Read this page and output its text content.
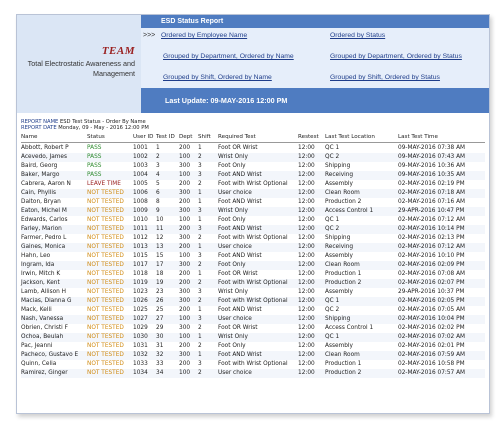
TEAM
Total Electrostatic Awareness and Management
ESD Status Report
>>> Ordered by Employee Name	Ordered by Status
Grouped by Department, Ordered by Name	Grouped by Department, Ordered by Status
Grouped by Shift, Ordered by Name	Grouped by Shift, Ordered by Status
Last Update: 09-MAY-2016 12:00 PM
REPORT NAME ESD Test Status - Order By Name
REPORT DATE Monday, 09 - May - 2016 12:00 PM
Name	Status	User ID Test ID Dept Shift Required Test	Restest Last Test Location	Last Test Time
Abbott, Robert P	PASS	1001 1	200 1	Foot OR Wrist	12:00 QC 1	09-MAY-2016 07:38 AM
Acevedo, James	PASS	1002 2	100 2	Wrist Only	12:00 QC 2	09-MAY-2016 07:43 AM
Baird, Georg	PASS	1003 3	300 3	Foot Only	12:00 Shipping	09-MAY-2016 10:36 AM
Baker, Margo	PASS	1004 4	100 3	Foot AND Wrist	12:00 Receiving	09-MAY-2016 10:35 AM
Cabrera, Aaron N	LEAVE TIME 1005 5	200 2	Foot with Wrist Optional 12:00 Assembly	02-MAY-2016 02:19 PM
Cain, Phyllis	NOT TESTED 1006 6	300 1	User choice	12:00 Clean Room	02-MAY-2016 07:18 AM
Dalton, Bryan	NOT TESTED 1008 8	200 1	Foot AND Wrist	12:00 Production 2	02-MAY-2016 07:16 AM
Eaton, Michel M	NOT TESTED 1009 9	300 3	Wrist Only	12:00 Access Control 1	29-APR-2016 10:47 PM
Edwards, Carlos	NOT TESTED 1010 10	100 1	Foot Only	12:00 QC 1	02-MAY-2016 07:12 AM
Farley, Marion	NOT TESTED 1011 11	200 3	Foot AND Wrist	12:00 QC 2	02-MAY-2016 10:14 PM
Farmer, Pedro L	NOT TESTED 1012 12	300 2	Foot with Wrist Optional 12:00 Shipping	02-MAY-2016 02:13 PM
Gaines, Monica	NOT TESTED 1013 13	200 1	User choice	12:00 Receiving	02-MAY-2016 07:12 AM
Hahn, Leo	NOT TESTED 1015 15	100 3	Foot AND Wrist	12:00 Assembly	02-MAY-2016 10:10 PM
Ingram, Ida	NOT TESTED 1017 17	300 2	Foot Only	12:00 Clean Room	02-MAY-2016 02:09 PM
Irwin, Mitch K	NOT TESTED 1018 18	200 1	Foot OR Wrist	12:00 Production 1	02-MAY-2016 07:08 AM
Jackson, Kent	NOT TESTED 1019 19	200 2	Foot with Wrist Optional 12:00 Production 2	02-MAY-2016 02:07 PM
Lamb, Allison H	NOT TESTED 1023 23	300 3	Wrist Only	12:00 Assembly	29-APR-2016 10:37 PM
Macias, Dianna G	NOT TESTED 1026 26	300 2	Foot with Wrist Optional 12:00 QC 1	02-MAY-2016 02:05 PM
Mack, Kelli	NOT TESTED 1025 25	200 1	Foot AND Wrist	12:00 QC 2	02-MAY-2016 07:05 AM
Nash, Vanessa	NOT TESTED 1027 27	100 3	User choice	12:00 Shipping	02-MAY-2016 10:04 PM
Obrien, Christi F	NOT TESTED 1029 29	300 2	Foot OR Wrist	12:00 Access Control 1	02-MAY-2016 02:02 PM
Ochoa, Beulah	NOT TESTED 1030 30	100 1	Wrist Only	12:00 QC 1	02-MAY-2016 07:02 AM
Pac, Jeanni	NOT TESTED 1031 31	200 2	Foot Only	12:00 Assembly	02-MAY-2016 02:01 PM
Pacheco, Gustavo E NOT TESTED 1032 32	300 1	Foot AND Wrist	12:00 Clean Room	02-MAY-2016 07:59 AM
Quinn, Celia	NOT TESTED 1033 33	200 3	Foot with Wrist Optional 12:00 Production 1	02-MAY-2016 10:58 PM
Ramirez, Ginger	NOT TESTED 1034 34	100 2	User choice	12:00 Production 2	02-MAY-2016 07:57 AM
